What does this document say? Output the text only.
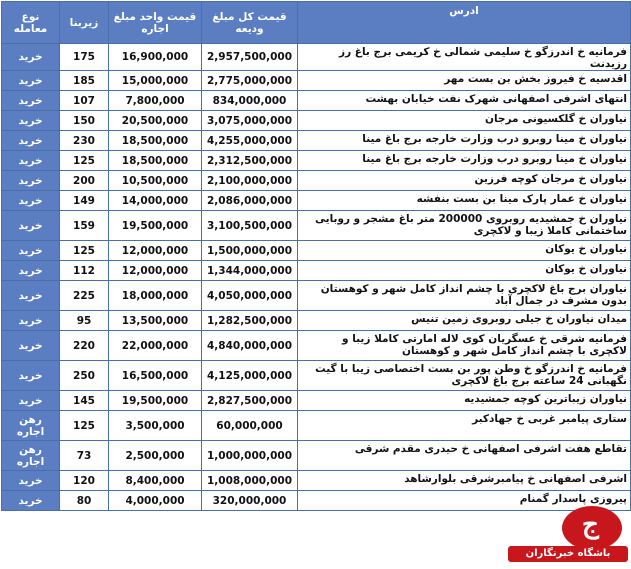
نوع معامله	زیربنا	قیمت واحد مبلغ اجاره	قیمت کل مبلغ ودیعه	ادرس
خرید	175	16,900,000	2,957,500,000	فرمانیه خ اندرزگو خ سلیمی شمالی خ کریمی برج باغ رز رزیدنت
خرید	185	15,000,000	2,775,000,000	اقدسیه خ فیروز بخش بن بست مهر
خرید	107	7,800,000	834,000,000	انتهای اشرفی اصفهانی شهرک نفت خیابان بهشت
خرید	150	20,500,000	3,075,000,000	نیاوران خ گلکسیونی مرجان
خرید	230	18,500,000	4,255,000,000	نیاوران خ مینا روبرو درب وزارت خارجه برج باغ مینا
خرید	125	18,500,000	2,312,500,000	نیاوران خ مینا روبرو درب وزارت خارجه برج باغ مینا
خرید	200	10,500,000	2,100,000,000	نیاوران خ مرجان کوچه فرزین
خرید	149	14,000,000	2,086,000,000	نیاوران خ عمار پارک مینا بن بست بنفشه
خرید	159	19,500,000	3,100,500,000	نیاوران خ جمشیدیه روبروی 200000 متر باغ مشجر و روبایی ساختمانی کاملا زیبا و لاکچری
خرید	125	12,000,000	1,500,000,000	نیاوران خ یوکان
خرید	112	12,000,000	1,344,000,000	نیاوران خ یوکان
خرید	225	18,000,000	4,050,000,000	نیاوران برج باغ لاکچری با چشم انداز کامل شهر و کوهستان بدون مشرف در جمال آباد
خرید	95	13,500,000	1,282,500,000	میدان نیاوران خ جیلی روبروی زمین تنیس
خرید	220	22,000,000	4,840,000,000	فرمانیه شرقی خ عسگریان کوی لاله امارتی کاملا زیبا و لاکچری با چشم انداز کامل شهر و کوهستان
خرید	250	16,500,000	4,125,000,000	فرمانیه خ اندرزگو خ وطن پور بن بست اختصاصی زیبا با گیت نگهبانی 24 ساعته برج باغ لاکچری
خرید	145	19,500,000	2,827,500,000	نیاوران زیباترین کوچه جمشیدیه
رهن اجاره	125	3,500,000	60,000,000	ستاری پیامبر غربی خ جهادکبر
رهن اجاره	73	2,500,000	1,000,000,000	تقاطع هفت اشرفی اصفهانی خ حیدری مقدم شرقی
خرید	120	8,400,000	1,008,000,000	اشرفی اصفهانی خ پیامبرشرقی بلوارشاهد
خرید	80	4,000,000	320,000,000	پیروزی پاسدار گمنام
ج
باشگاه خبرنگاران
